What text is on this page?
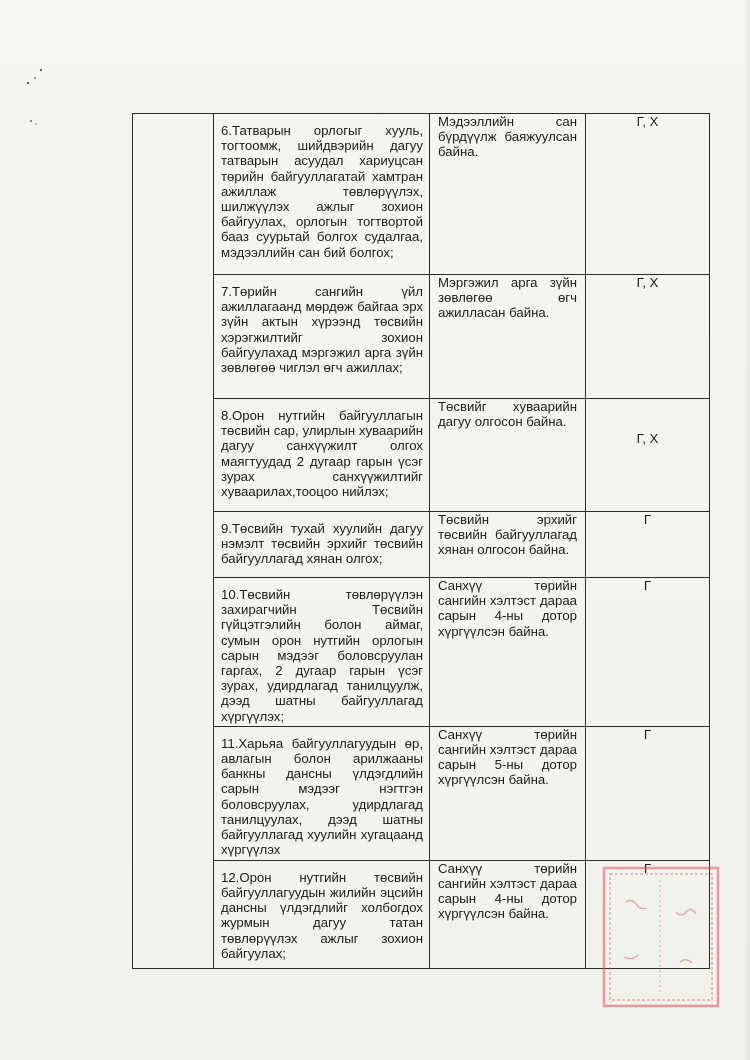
	6.Татварын орлогыг хууль, тогтоомж, шийдвэрийн дагуу татварын асуудал хариуцсан төрийн байгууллагатай хамтран ажиллаж төвлөрүүлэх, шилжүүлэх ажлыг зохион байгуулах, орлогын тогтвортой баaз суурьтай болгох судалгаа, мэдээллийн сан бий болгох;	Мэдээллийн сан бүрдүүлж баяжуулсан байна.	Г, Х

	7.Төрийн сангийн үйл ажиллагаанд мөрдөж байгаа эрх зүйн актын хүрээнд төсвийн хэрэгжилтийг зохион байгуулахад мэргэжил арга зүйн зөвлөгөө чиглэл өгч ажиллах;	Мэргэжил арга зүйн зөвлөгөө өгч ажилласан байна.	Г, Х

	8.Орон нутгийн байгууллагын төсвийн сар, улирлын хуваарийн дагуу санхүүжилт олгох маягтуудад 2 дугаар гарын үсэг зурах санхүүжилтийг хуваарилах,тооцоо нийлэх;	Төсвийг хуваарийн дагуу олгосон байна.	Г, Х

	9.Төсвийн тухай хуулийн дагуу нэмэлт төсвийн эрхийг төсвийн байгууллагад хянан олгох;	Төсвийн эрхийг төсвийн байгууллагад хянан олгосон байна.	Г

	10.Төсвийн төвлөрүүлэн захирагчийн Төсвийн гүйцэтгэлийн болон аймаг, сумын орон нутгийн орлогын сарын мэдээг боловсруулан гаргах, 2 дугаар гарын үсэг зурах, удирдлагад танилцуулж, дээд шатны байгууллагад хүргүүлэх;	Санхүү төрийн сангийн хэлтэст дараа сарын 4-ны дотор хүргүүлсэн байна.	Г

	11.Харьяа байгууллагуудын өр, авлагын болон арилжааны банкны дансны үлдэгдлийн сарын мэдээг нэгтгэн боловсруулах, удирдлагад танилцуулах, дээд шатны байгууллагад хуулийн хугацаанд хүргүүлэх	Санхүү төрийн сангийн хэлтэст дараа сарын 5-ны дотор хүргүүлсэн байна.	Г

	12.Орон нутгийн төсвийн байгууллагуудын жилийн эцсийн дансны үлдэгдлийг холбогдох журмын дагуу татан төвлөрүүлэх ажлыг зохион байгуулах;	Санхүү төрийн сангийн хэлтэст дараа сарын 4-ны дотор хүргүүлсэн байна.	Г
